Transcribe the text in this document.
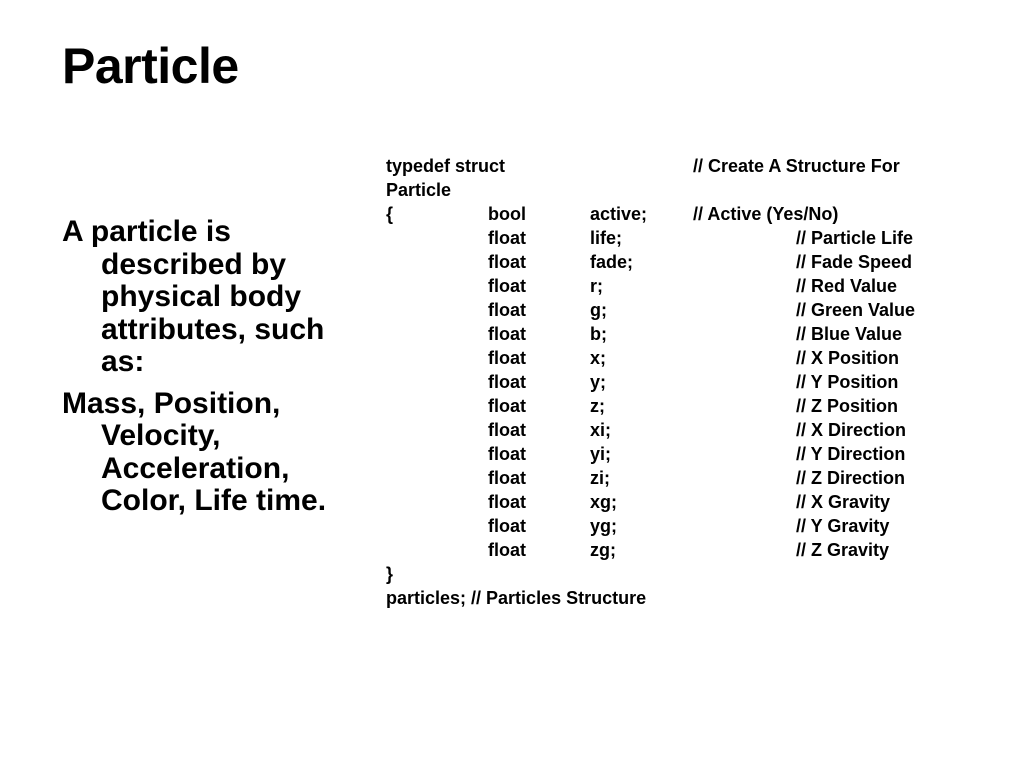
Particle

A particle is described by physical body attributes, such as:

Mass, Position, Velocity, Acceleration, Color, Life time.

typedef struct	// Create A Structure For
Particle
{	bool	active;	// Active (Yes/No)
float	life;	// Particle Life
float	fade;	// Fade Speed
float	r;	// Red Value
float	g;	// Green Value
float	b;	// Blue Value
float	x;	// X Position
float	y;	// Y Position
float	z;	// Z Position
float	xi;	// X Direction
float	yi;	// Y Direction
float	zi;	// Z Direction
float	xg;	// X Gravity
float	yg;	// Y Gravity
float	zg;	// Z Gravity
}
particles; // Particles Structure
